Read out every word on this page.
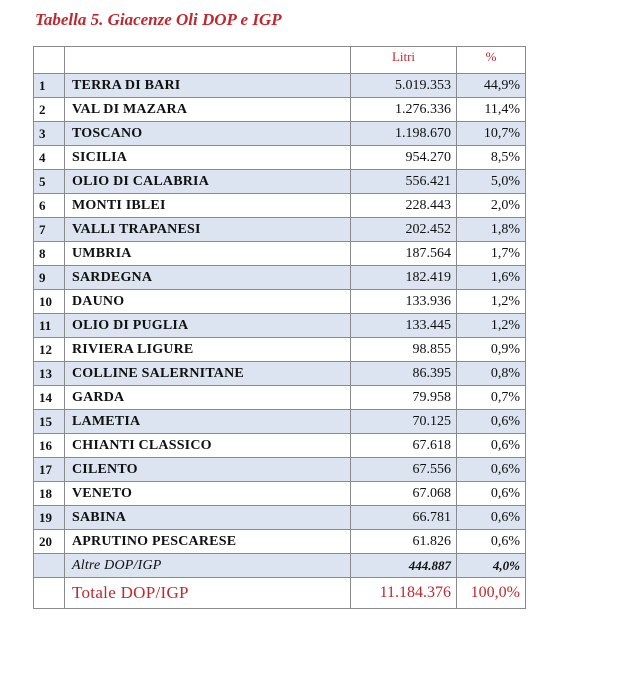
Tabella 5. Giacenze Oli DOP e IGP
		Litri	%
1	TERRA DI BARI	5.019.353	44,9%
2	VAL DI MAZARA	1.276.336	11,4%
3	TOSCANO	1.198.670	10,7%
4	SICILIA	954.270	8,5%
5	OLIO DI CALABRIA	556.421	5,0%
6	MONTI IBLEI	228.443	2,0%
7	VALLI TRAPANESI	202.452	1,8%
8	UMBRIA	187.564	1,7%
9	SARDEGNA	182.419	1,6%
10	DAUNO	133.936	1,2%
11	OLIO DI PUGLIA	133.445	1,2%
12	RIVIERA LIGURE	98.855	0,9%
13	COLLINE SALERNITANE	86.395	0,8%
14	GARDA	79.958	0,7%
15	LAMETIA	70.125	0,6%
16	CHIANTI CLASSICO	67.618	0,6%
17	CILENTO	67.556	0,6%
18	VENETO	67.068	0,6%
19	SABINA	66.781	0,6%
20	APRUTINO PESCARESE	61.826	0,6%
	Altre DOP/IGP	444.887	4,0%
	Totale DOP/IGP	11.184.376	100,0%
